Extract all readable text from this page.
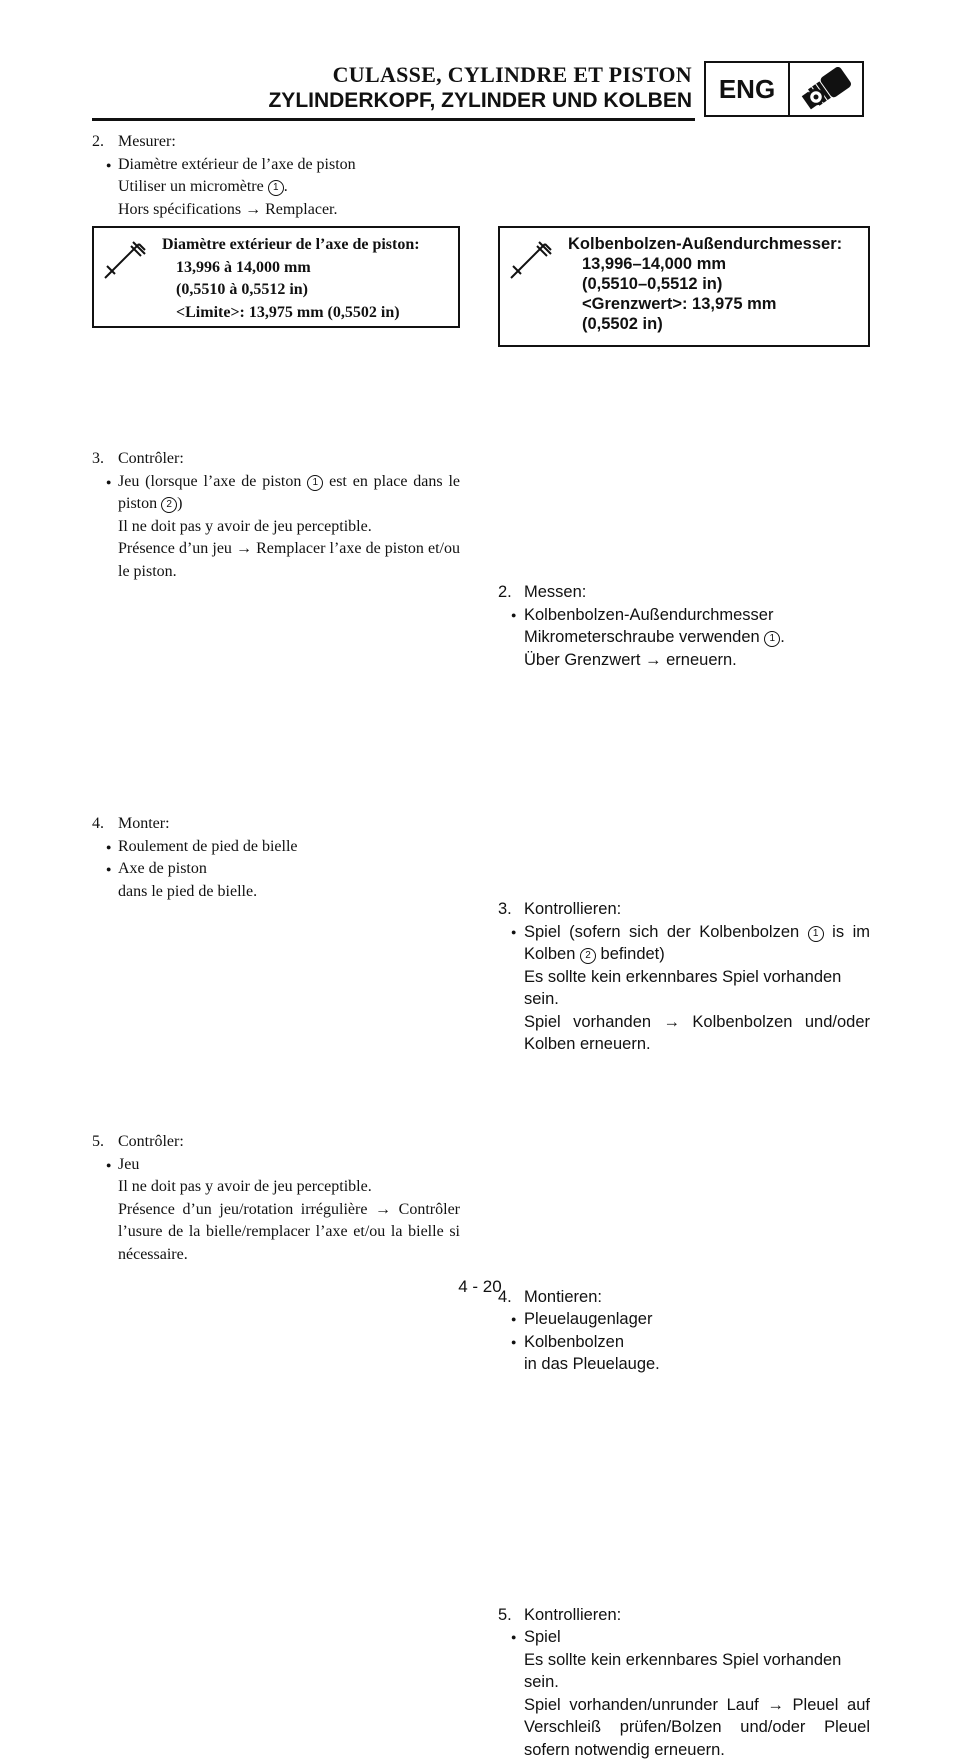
CULASSE, CYLINDRE ET PISTON
ZYLINDERKOPF, ZYLINDER UND KOLBEN	ENG
2. Mesurer:
● Diamètre extérieur de l’axe de piston
Utiliser un micromètre 1 .
Hors spécifications → Remplacer.
Diamètre extérieur de l’axe de piston:
13,996 à 14,000 mm
(0,5510 à 0,5512 in)
<Limite>: 13,975 mm (0,5502 in)
3. Contrôler:
● Jeu (lorsque l’axe de piston 1 est en place dans le piston 2 )
Il ne doit pas y avoir de jeu perceptible.
Présence d’un jeu → Remplacer l’axe de piston et/ou le piston.
4. Monter:
● Roulement de pied de bielle
● Axe de piston
dans le pied de bielle.
5. Contrôler:
● Jeu
Il ne doit pas y avoir de jeu perceptible.
Présence d’un jeu/rotation irrégulière → Contrôler l’usure de la bielle/remplacer l’axe et/ou la bielle si nécessaire.
2. Messen:
● Kolbenbolzen-Außendurchmesser
Mikrometerschraube verwenden 1 .
Über Grenzwert → erneuern.
Kolbenbolzen-Außendurchmesser:
13,996–14,000 mm
(0,5510–0,5512 in)
<Grenzwert>: 13,975 mm
(0,5502 in)
3. Kontrollieren:
● Spiel (sofern sich der Kolbenbolzen 1 is im Kolben 2 befindet)
Es sollte kein erkennbares Spiel vorhanden sein.
Spiel vorhanden → Kolbenbolzen und/oder Kolben erneuern.
4. Montieren:
● Pleuelaugenlager
● Kolbenbolzen
in das Pleuelauge.
5. Kontrollieren:
● Spiel
Es sollte kein erkennbares Spiel vorhanden sein.
Spiel vorhanden/unrunder Lauf → Pleuel auf Verschleiß prüfen/Bolzen und/oder Pleuel sofern notwendig erneuern.
4 - 20
